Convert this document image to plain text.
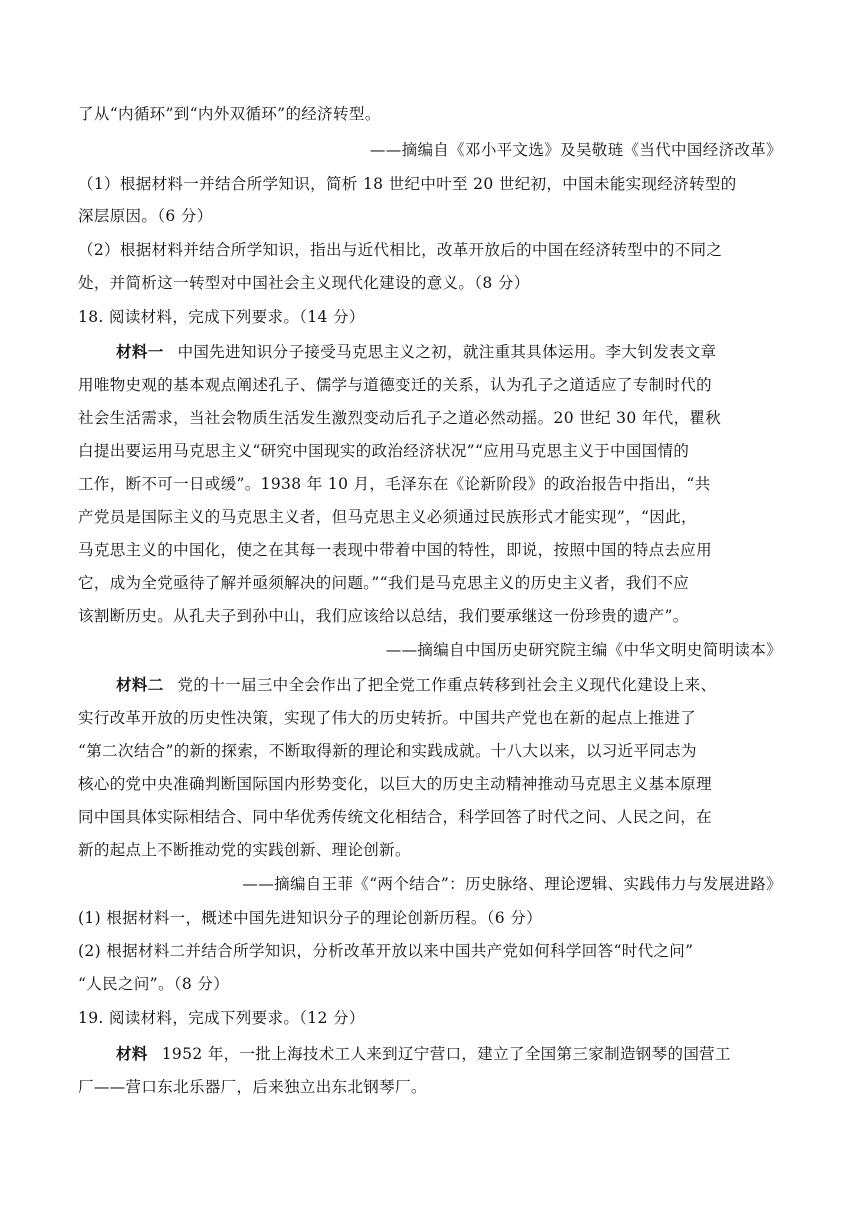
了从“内循环”到“内外双循环”的经济转型。
——摘编自《邓小平文选》及吴敬琏《当代中国经济改革》
（1）根据材料一并结合所学知识，简析 18 世纪中叶至 20 世纪初，中国未能实现经济转型的
深层原因。（6 分）
（2）根据材料并结合所学知识，指出与近代相比，改革开放后的中国在经济转型中的不同之
处，并简析这一转型对中国社会主义现代化建设的意义。（8 分）
18. 阅读材料，完成下列要求。（14 分）
材料一 中国先进知识分子接受马克思主义之初，就注重其具体运用。李大钊发表文章
用唯物史观的基本观点阐述孔子、儒学与道德变迁的关系，认为孔子之道适应了专制时代的
社会生活需求，当社会物质生活发生激烈变动后孔子之道必然动摇。20 世纪 30 年代，瞿秋
白提出要运用马克思主义“研究中国现实的政治经济状况”“应用马克思主义于中国国情的
工作，断不可一日或缓”。1938 年 10 月，毛泽东在《论新阶段》的政治报告中指出，“共
产党员是国际主义的马克思主义者，但马克思主义必须通过民族形式才能实现”，“因此，
马克思主义的中国化，使之在其每一表现中带着中国的特性，即说，按照中国的特点去应用
它，成为全党亟待了解并亟须解决的问题。”“我们是马克思主义的历史主义者，我们不应
该割断历史。从孔夫子到孙中山，我们应该给以总结，我们要承继这一份珍贵的遗产”。
——摘编自中国历史研究院主编《中华文明史简明读本》
材料二 党的十一届三中全会作出了把全党工作重点转移到社会主义现代化建设上来、
实行改革开放的历史性决策，实现了伟大的历史转折。中国共产党也在新的起点上推进了
“第二次结合”的新的探索，不断取得新的理论和实践成就。十八大以来，以习近平同志为
核心的党中央准确判断国际国内形势变化，以巨大的历史主动精神推动马克思主义基本原理
同中国具体实际相结合、同中华优秀传统文化相结合，科学回答了时代之问、人民之问，在
新的起点上不断推动党的实践创新、理论创新。
——摘编自王菲《“两个结合”：历史脉络、理论逻辑、实践伟力与发展进路》
(1) 根据材料一，概述中国先进知识分子的理论创新历程。（6 分）
(2) 根据材料二并结合所学知识，分析改革开放以来中国共产党如何科学回答“时代之问”
“人民之问”。（8 分）
19. 阅读材料，完成下列要求。（12 分）
材料 1952 年，一批上海技术工人来到辽宁营口，建立了全国第三家制造钢琴的国营工
厂——营口东北乐器厂，后来独立出东北钢琴厂。
